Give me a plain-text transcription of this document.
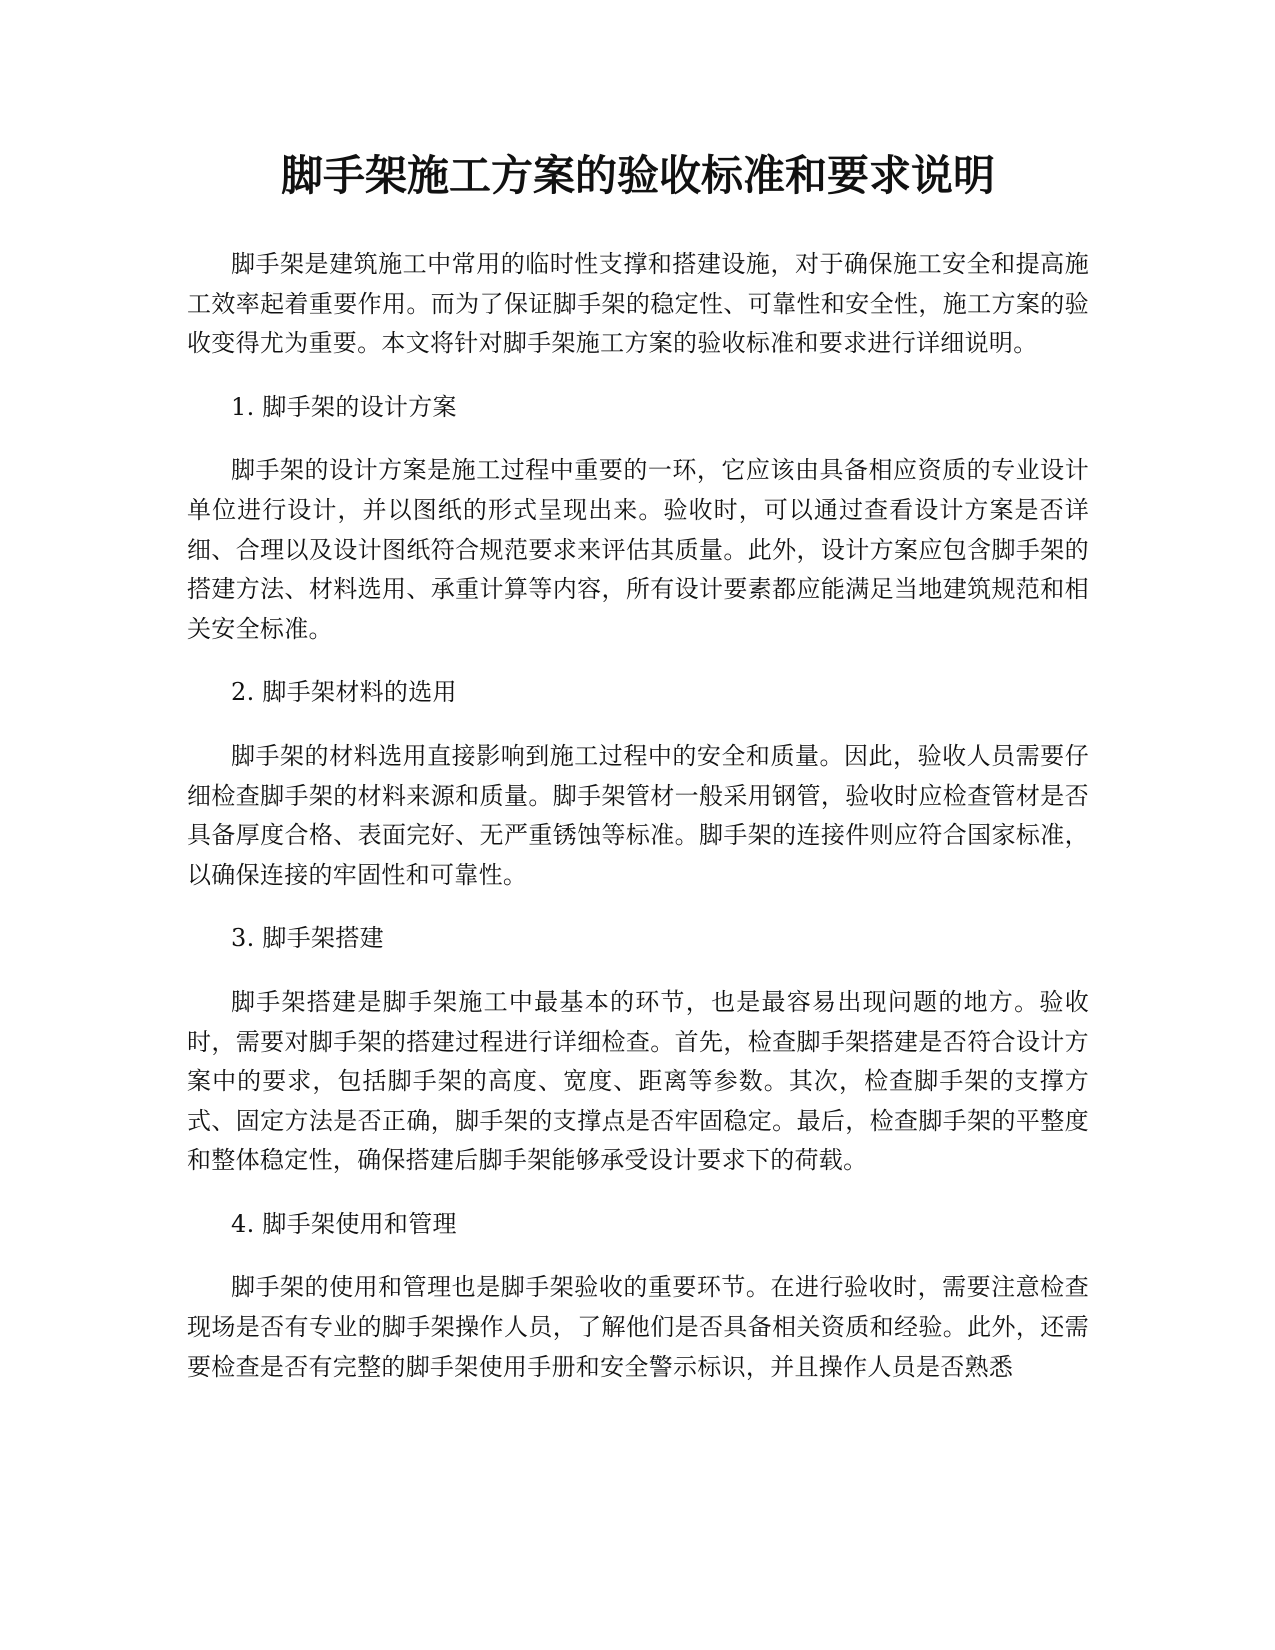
脚手架施工方案的验收标准和要求说明

脚手架是建筑施工中常用的临时性支撑和搭建设施，对于确保施工安全和提高施工效率起着重要作用。而为了保证脚手架的稳定性、可靠性和安全性，施工方案的验收变得尤为重要。本文将针对脚手架施工方案的验收标准和要求进行详细说明。

1. 脚手架的设计方案

脚手架的设计方案是施工过程中重要的一环，它应该由具备相应资质的专业设计单位进行设计，并以图纸的形式呈现出来。验收时，可以通过查看设计方案是否详细、合理以及设计图纸符合规范要求来评估其质量。此外，设计方案应包含脚手架的搭建方法、材料选用、承重计算等内容，所有设计要素都应能满足当地建筑规范和相关安全标准。

2. 脚手架材料的选用

脚手架的材料选用直接影响到施工过程中的安全和质量。因此，验收人员需要仔细检查脚手架的材料来源和质量。脚手架管材一般采用钢管，验收时应检查管材是否具备厚度合格、表面完好、无严重锈蚀等标准。脚手架的连接件则应符合国家标准，以确保连接的牢固性和可靠性。

3. 脚手架搭建

脚手架搭建是脚手架施工中最基本的环节，也是最容易出现问题的地方。验收时，需要对脚手架的搭建过程进行详细检查。首先，检查脚手架搭建是否符合设计方案中的要求，包括脚手架的高度、宽度、距离等参数。其次，检查脚手架的支撑方式、固定方法是否正确，脚手架的支撑点是否牢固稳定。最后，检查脚手架的平整度和整体稳定性，确保搭建后脚手架能够承受设计要求下的荷载。

4. 脚手架使用和管理

脚手架的使用和管理也是脚手架验收的重要环节。在进行验收时，需要注意检查现场是否有专业的脚手架操作人员，了解他们是否具备相关资质和经验。此外，还需要检查是否有完整的脚手架使用手册和安全警示标识，并且操作人员是否熟悉
